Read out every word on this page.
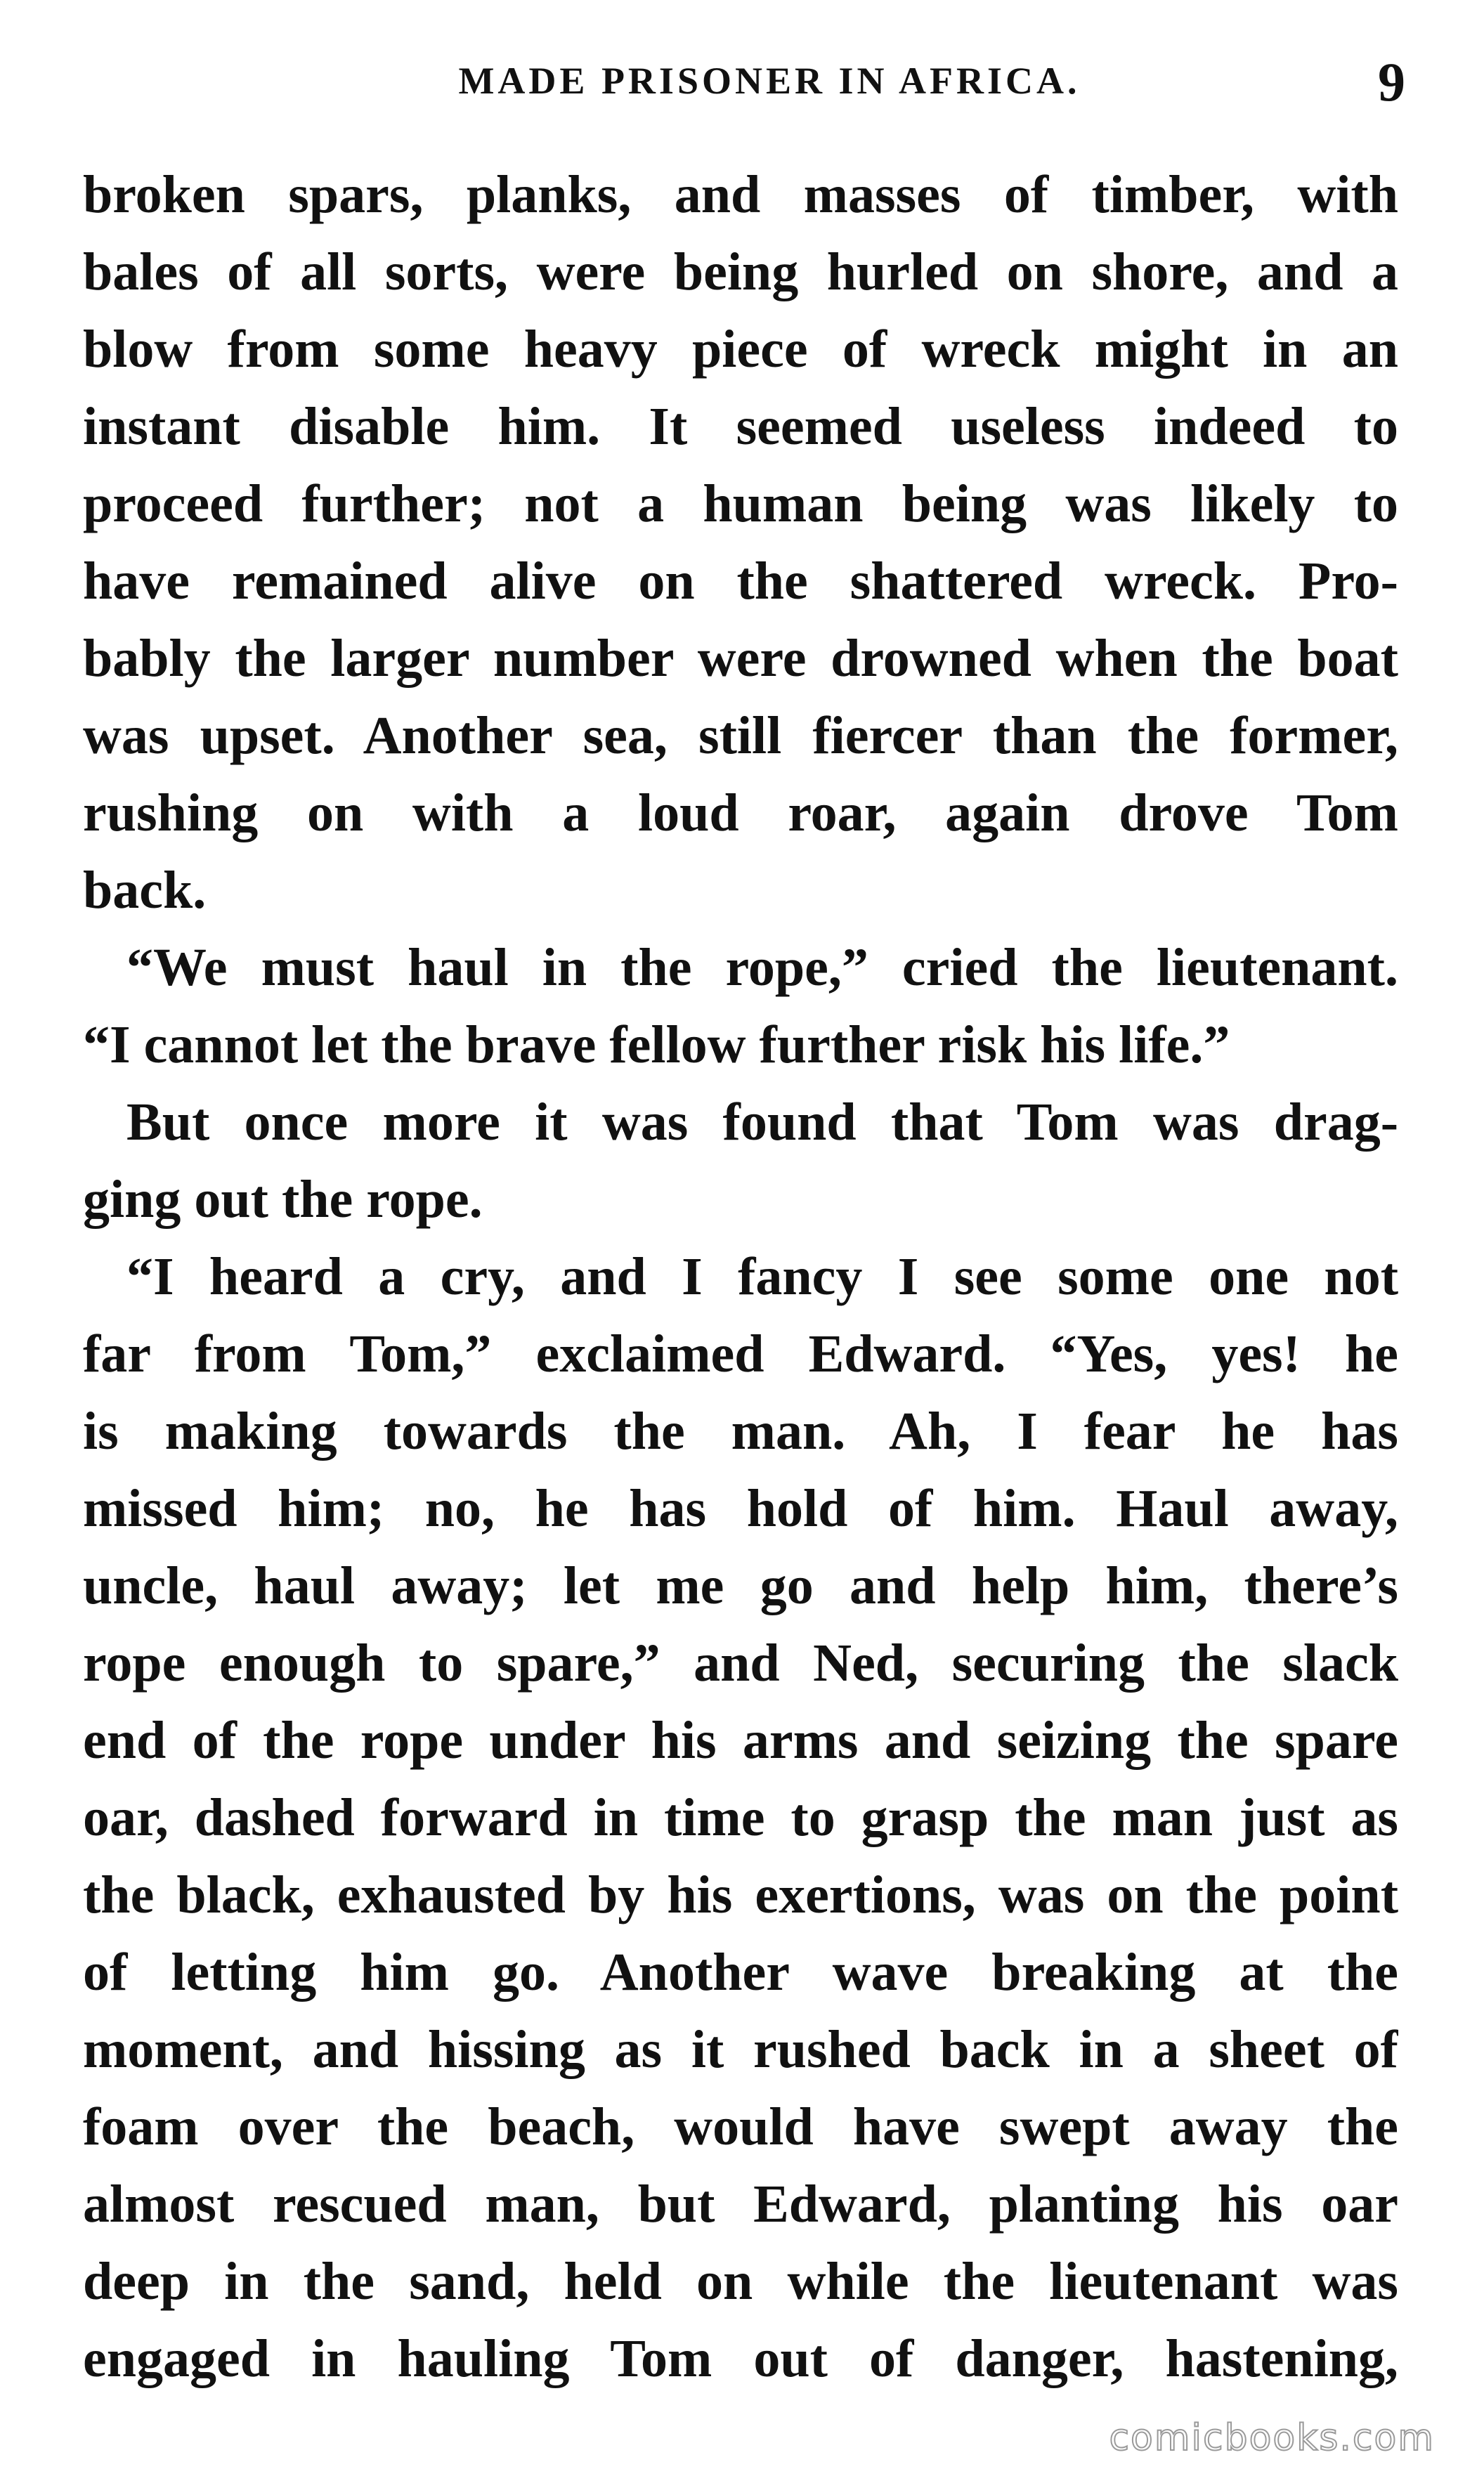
MADE PRISONER IN AFRICA.	9
broken spars, planks, and masses of timber, with
bales of all sorts, were being hurled on shore, and a
blow from some heavy piece of wreck might in an
instant disable him. It seemed useless indeed to
proceed further; not a human being was likely to
have remained alive on the shattered wreck. Pro-
bably the larger number were drowned when the boat
was upset. Another sea, still fiercer than the former,
rushing on with a loud roar, again drove Tom
back.
“We must haul in the rope,” cried the lieutenant.
“I cannot let the brave fellow further risk his life.”
But once more it was found that Tom was drag-
ging out the rope.
“I heard a cry, and I fancy I see some one not
far from Tom,” exclaimed Edward. “Yes, yes! he
is making towards the man. Ah, I fear he has
missed him; no, he has hold of him. Haul away,
uncle, haul away; let me go and help him, there’s
rope enough to spare,” and Ned, securing the slack
end of the rope under his arms and seizing the spare
oar, dashed forward in time to grasp the man just as
the black, exhausted by his exertions, was on the point
of letting him go. Another wave breaking at the
moment, and hissing as it rushed back in a sheet of
foam over the beach, would have swept away the
almost rescued man, but Edward, planting his oar
deep in the sand, held on while the lieutenant was
engaged in hauling Tom out of danger, hastening,
comicbooks.com
